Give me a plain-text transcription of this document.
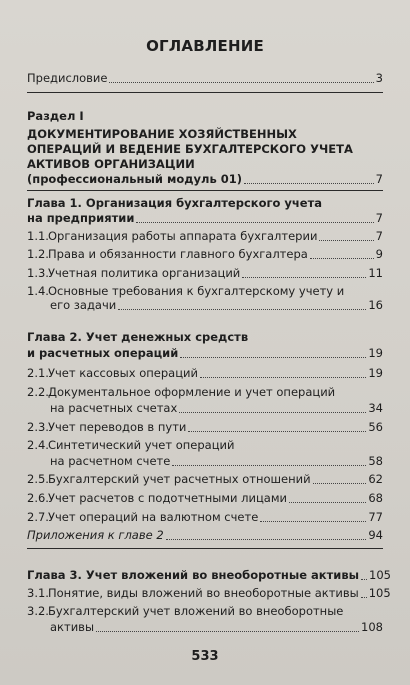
ОГЛАВЛЕНИЕ
Предисловие	3
Раздел I
ДОКУМЕНТИРОВАНИЕ ХОЗЯЙСТВЕННЫХ
ОПЕРАЦИЙ И ВЕДЕНИЕ БУХГАЛТЕРСКОГО УЧЕТА
АКТИВОВ ОРГАНИЗАЦИИ
(профессиональный модуль 01)	7
Глава 1. Организация бухгалтерского учета
на предприятии	7
1.1.Организация работы аппарата бухгалтерии	7
1.2.Права и обязанности главного бухгалтера	9
1.3.Учетная политика организаций	11
1.4.Основные требования к бухгалтерскому учету и
его задачи	16
Глава 2. Учет денежных средств
и расчетных операций	19
2.1.Учет кассовых операций	19
2.2.Документальное оформление и учет операций
на расчетных счетах	34
2.3.Учет переводов в пути	56
2.4.Синтетический учет операций
на расчетном счете	58
2.5.Бухгалтерский учет расчетных отношений	62
2.6.Учет расчетов с подотчетными лицами	68
2.7.Учет операций на валютном счете	77
Приложения к главе 2	94
Глава 3. Учет вложений во внеоборотные активы 105
3.1.Понятие, виды вложений во внеоборотные активы 105
3.2.Бухгалтерский учет вложений во внеоборотные
активы	108
533
